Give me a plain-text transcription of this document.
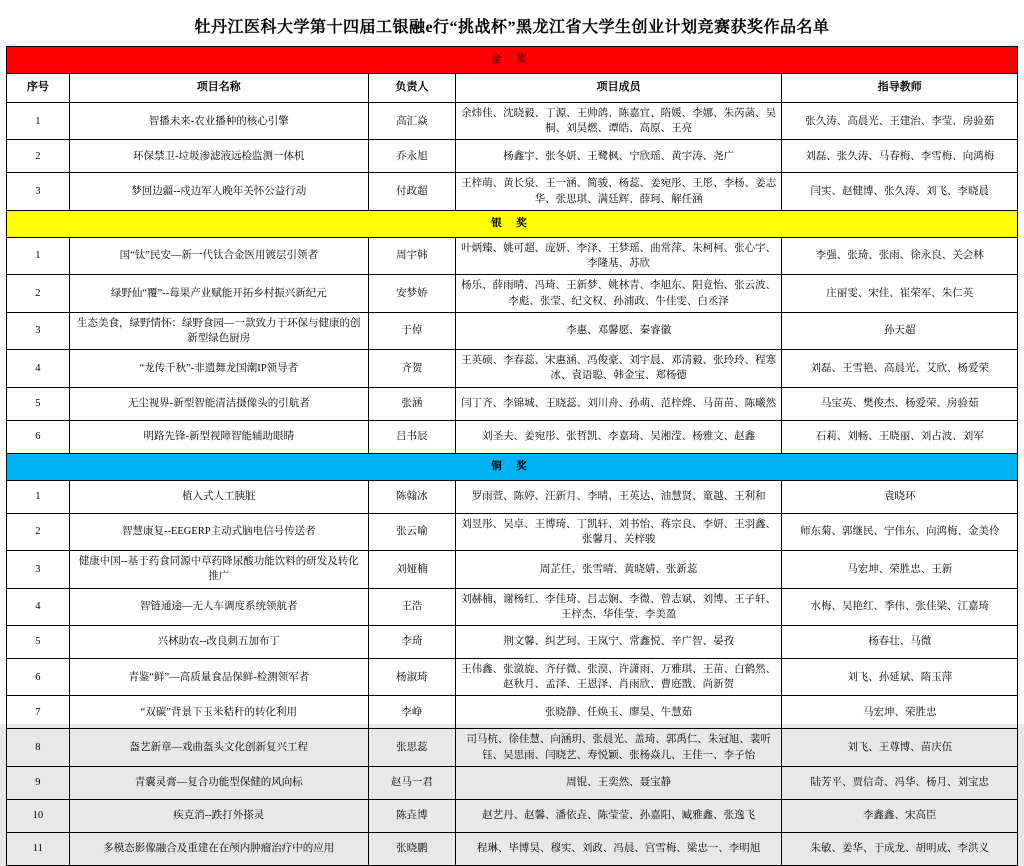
牡丹江医科大学第十四届工银融e行“挑战杯”黑龙江省大学生创业计划竞赛获奖作品名单
金 奖				
序号	项目名称	负责人	项目成员	指导教师
1	智播未来-农业播种的核心引擎	高汇焱	余炜佳、沈晓毅、丁源、王帅鸽、陈嘉宜、隋媛、李娜、朱芮菡、吴桐、刘昊燃、谭皓、高原、王亮	张久涛、高晨光、王建治、李莹、房验茹
2	环保禁卫-垃圾渗滤液远检监测一体机	乔永旭	杨鑫宇、张冬妍、王鹭枫、宁欣瑶、黄宇涛、尧广	刘磊、张久涛、马春梅、李雪梅、向鸿梅
3	梦回边疆--戍边军人晚年关怀公益行动	付政超	王梓萌、黄长泉、王一涵、简骏、杨蕊、姜宛彤、王彤、李杨、姜志华、张思琪、满廷辉、薛珂、解任涵	闫实、赵健博、张久涛、刘飞、李晓晨
银 奖				
1	国“钛”民安—新一代钛合金医用镀层引领者	周宇韩	叶炳臻、姚可超、庞妍、李泽、王梦瑶、曲常萍、朱柯柯、张心宇、李隆基、苏欣	李强、张琦、张雨、徐永良、关会林
2	绿野仙“覆”--莓果产业赋能开拓乡村振兴新纪元	安梦娇	杨乐、薛雨晴、冯琦、王新梦、姚林青、李旭东、阳竟怡、张云波、李彪、张莹、纪文权、孙浦政、牛佳雯、白丞泽	庄丽雯、宋佳、崔荣军、朱仁英
3	生态美食，绿野情怀：绿野食园—一款致力于环保与健康的创新型绿色厨房	于倬	李惠、邓馨愿、秦睿徽	孙天超
4	“龙传千秋”-非遗舞龙国潮IP领导者	齐贺	王英硕、李春蕊、宋惠涵、冯俊豪、刘宇晨、邓清毅、张玲玲、程寒冰、袁语聪、韩金宝、郑杨德	刘磊、王雪艳、高晨光、艾欣、杨爱荣
5	无尘视界-新型智能清洁摄像头的引航者	张涵	闫丁齐、李锦城、王晓蕊、刘川舟、孙萌、范梓烨、马苗苗、陈曦然	马宝英、樊俊杰、杨爱荣、房验茹
6	明路先锋-新型视障智能辅助眼睛	吕书辰	刘圣夫、姜宛彤、张哲凯、李嘉琦、吴湘滢、杨雅文、赵鑫	石莉、刘畅、王晓丽、刘占波、刘军
铜 奖				
1	植入式人工胰脏	陈翰冰	罗雨萱、陈婷、汪新月、李晴、王英达、油慧贤、童越、王利和	袁晓环
2	智慧康复--EEGERP主动式脑电信号传送者	张云喻	刘昱彤、吴卓、王博琦、丁凯轩、刘书怡、蒋宗良、李妍、王羽鑫、张馨月、关梓骏	师东菊、郭继民、宁伟东、向鸿梅、金美伶
3	健康中国--基于药食同源中草药降尿酸功能饮料的研发及转化推广	刘娅楠	周芷任、张雪晴、黄晓婧、张新蕊	马宏坤、荣胜忠、王新
4	智链通途—无人车调度系统领航者	王浩	刘赫楠、谢杨红、李佳琦、吕志娴、李微、曾志斌、刘博、王子轩、王梓杰、华佳莹、李美盈	水梅、吴艳红、季伟、张佳梁、江嘉琦
5	兴林助农--改良刺五加布丁	李琦	荆文馨、纠艺珂、王岚宁、常鑫悦、辛广智、晏孜	杨春壮、马微
6	青鉴“鲜”—高质量食品保鲜-检测领军者	杨淑琦	王伟鑫、张潋旋、齐仔微、张漠、许潇雨、万雅琪、王苗、白鹤然、赵秋月、孟泽、王恩泽、肖雨欣、曹庭戬、尚新贺	刘飞、孙延斌、隋玉萍
7	“双碳”背景下玉米秸秆的转化利用	李峥	张晓静、任焕玉、廖昊、牛慧茹	马宏坤、荣胜忠
8	盔艺新章—戏曲盔头文化创新复兴工程	张思蕊	司马杭、徐佳慧、向涵玥、张晨光、盖琦、郭禹仁、朱冠旭、裴听钰、吴思雨、闫晓艺、寿悦颖、张杨焱儿、王佳一、李子怡	刘飞、王尊博、苗庆伍
9	青囊灵膏—复合功能型保健的风向标	赵马一君	周锟、王奕然、聂宝静	陆芳平、贾信奇、冯华、杨月、刘宝忠
10	疾克消--跌打外搽灵	陈垚博	赵艺丹、赵馨、潘依垚、陈莹莹、孙嘉阳、臧雅鑫、张逸飞	李鑫鑫、宋高臣
11	多模态影像融合及重建在在颅内肿瘤治疗中的应用	张晓鹏	程琳、毕博昊、穆实、刘政、冯晨、宫雪梅、梁忠一、李明旭	朱敏、姜华、于成龙、胡明成、李洪义
